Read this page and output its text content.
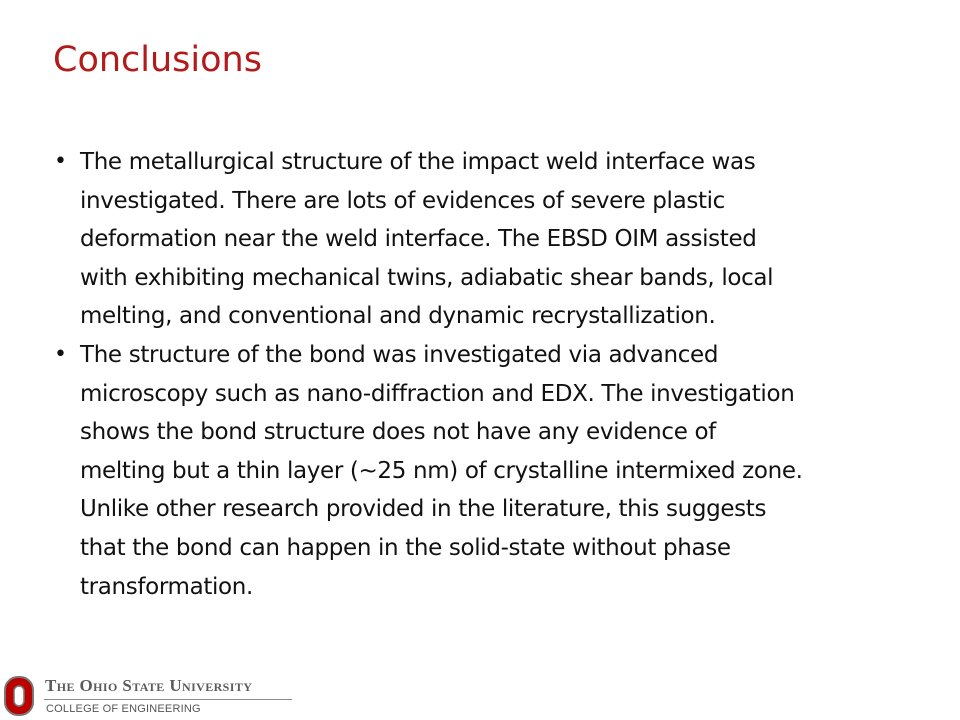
Conclusions
• The metallurgical structure of the impact weld interface was
investigated. There are lots of evidences of severe plastic
deformation near the weld interface. The EBSD OIM assisted
with exhibiting mechanical twins, adiabatic shear bands, local
melting, and conventional and dynamic recrystallization.
• The structure of the bond was investigated via advanced
microscopy such as nano-diffraction and EDX. The investigation
shows the bond structure does not have any evidence of
melting but a thin layer (~25 nm) of crystalline intermixed zone.
Unlike other research provided in the literature, this suggests
that the bond can happen in the solid-state without phase
transformation.
The Ohio State University
COLLEGE OF ENGINEERING
